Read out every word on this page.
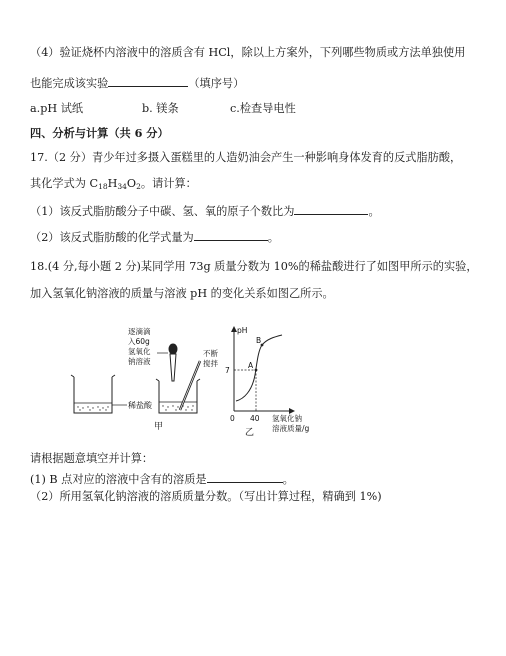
（4）验证烧杯内溶液中的溶质含有 HCl，除以上方案外，下列哪些物质或方法单独使用
也能完成该实验	（填序号）
a.pH 试纸	b. 镁条	c.检查导电性
四、分析与计算（共 6 分）
17.（2 分）青少年过多摄入蛋糕里的人造奶油会产生一种影响身体发育的反式脂肪酸，
其化学式为 $C_{18}H_{34}O_2$。请计算：
（1）该反式脂肪酸分子中碳、氢、氧的原子个数比为	。
（2）该反式脂肪酸的化学式量为	。
18.(4 分,每小题 2 分)某同学用 73g 质量分数为 10%的稀盐酸进行了如图甲所示的实验，
加入氢氧化钠溶液的质量与溶液 pH 的变化关系如图乙所示。
稀盐酸
逐滴滴
入60g
氢氧化
钠溶液
不断
搅拌
甲
pH
7
A
B
0 40 氢氧化钠
溶液质量/g
乙
请根据题意填空并计算：
(1) B 点对应的溶液中含有的溶质是	。
（2）所用氢氧化钠溶液的溶质质量分数。（写出计算过程，精确到 1%)
